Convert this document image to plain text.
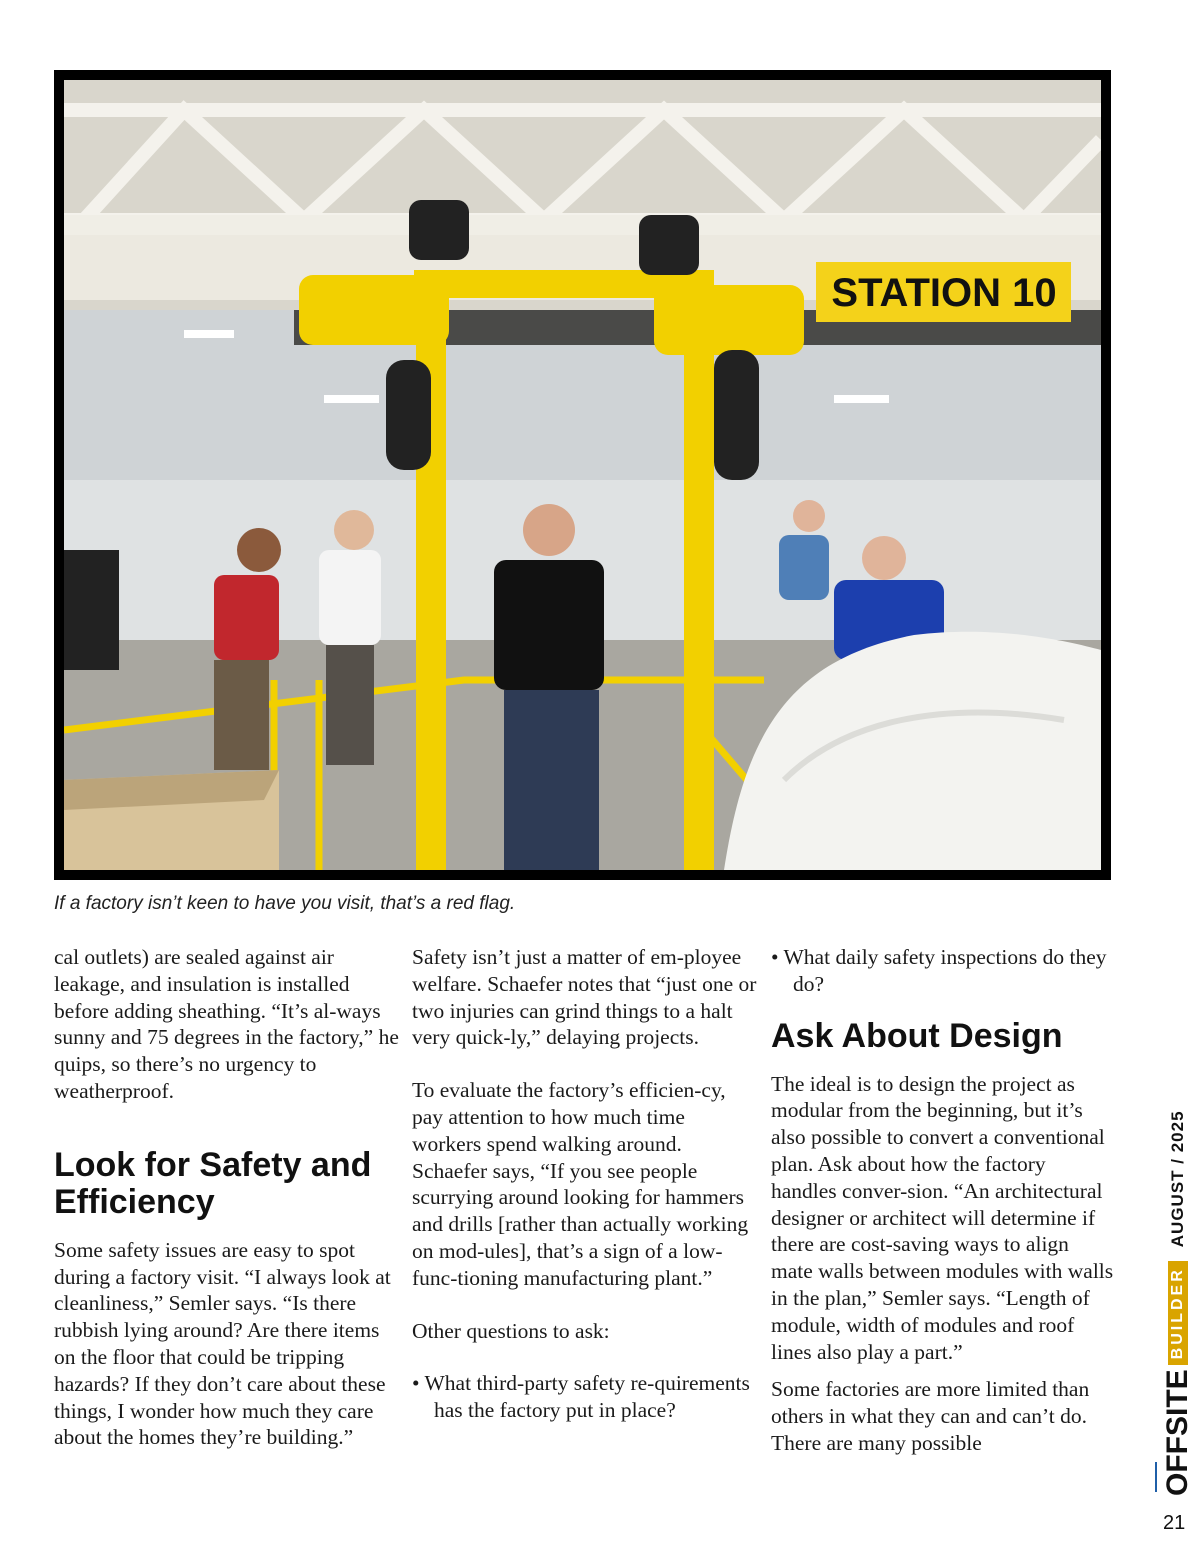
STATION 10
If a factory isn’t keen to have you visit, that’s a red flag.

cal outlets) are sealed against air leakage, and insulation is installed before adding sheathing. “It’s al-ways sunny and 75 degrees in the factory,” he quips, so there’s no urgency to weatherproof.

Look for Safety and Efficiency

Some safety issues are easy to spot during a factory visit. “I always look at cleanliness,” Semler says. “Is there rubbish lying around? Are there items on the floor that could be tripping hazards? If they don’t care about these things, I wonder how much they care about the homes they’re building.”

Safety isn’t just a matter of em-ployee welfare. Schaefer notes that “just one or two injuries can grind things to a halt very quick-ly,” delaying projects.

To evaluate the factory’s efficien-cy, pay attention to how much time workers spend walking around. Schaefer says, “If you see people scurrying around looking for hammers and drills [rather than actually working on mod-ules], that’s a sign of a low-func-tioning manufacturing plant.”

Other questions to ask:

• What third-party safety re-quirements has the factory put in place?

• What daily safety inspections do they do?

Ask About Design

The ideal is to design the project as modular from the beginning, but it’s also possible to convert a conventional plan. Ask about how the factory handles conver-sion. “An architectural designer or architect will determine if there are cost-saving ways to align mate walls between modules with walls in the plan,” Semler says. “Length of module, width of modules and roof lines also play a part.”

Some factories are more limited than others in what they can and can’t do. There are many possible	OFFSITE
BUILDER
AUGUST / 2025
21
